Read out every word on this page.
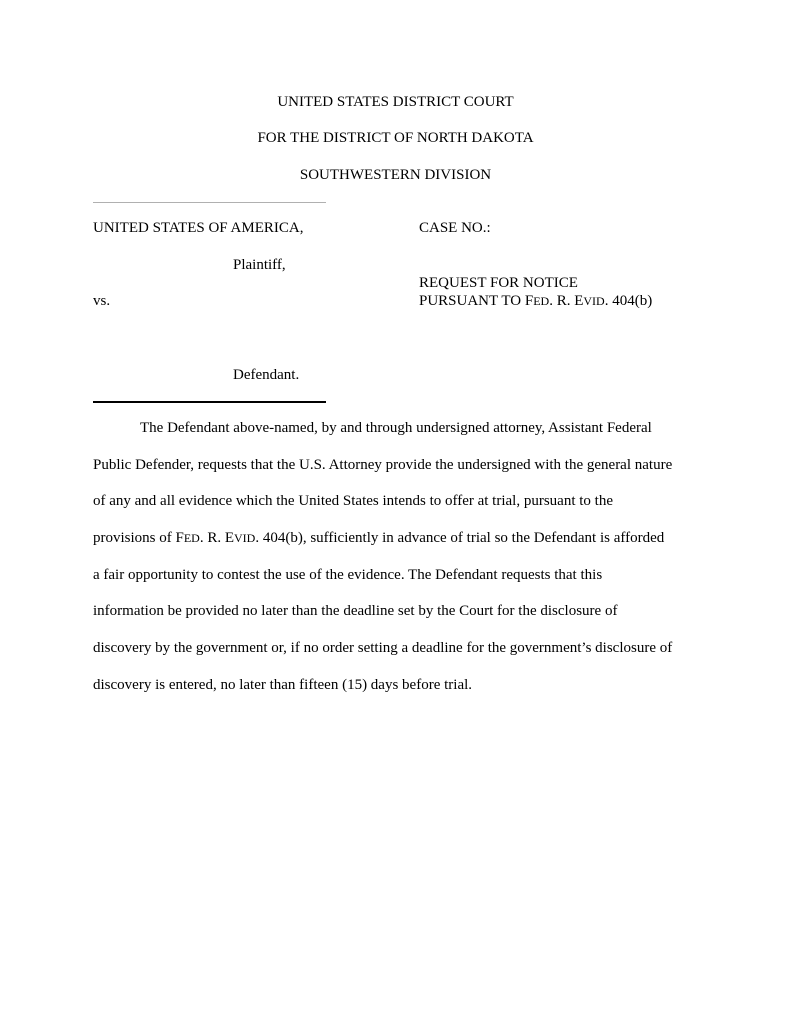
UNITED STATES DISTRICT COURT
FOR THE DISTRICT OF NORTH DAKOTA
SOUTHWESTERN DIVISION
UNITED STATES OF AMERICA,	CASE NO.:
Plaintiff,
REQUEST FOR NOTICE
PURSUANT TO FED. R. EVID. 404(b)
vs.
Defendant.
The Defendant above-named, by and through undersigned attorney, Assistant Federal
Public Defender, requests that the U.S. Attorney provide the undersigned with the general nature
of any and all evidence which the United States intends to offer at trial, pursuant to the
provisions of FED. R. EVID. 404(b), sufficiently in advance of trial so the Defendant is afforded
a fair opportunity to contest the use of the evidence. The Defendant requests that this
information be provided no later than the deadline set by the Court for the disclosure of
discovery by the government or, if no order setting a deadline for the government’s disclosure of
discovery is entered, no later than fifteen (15) days before trial.
